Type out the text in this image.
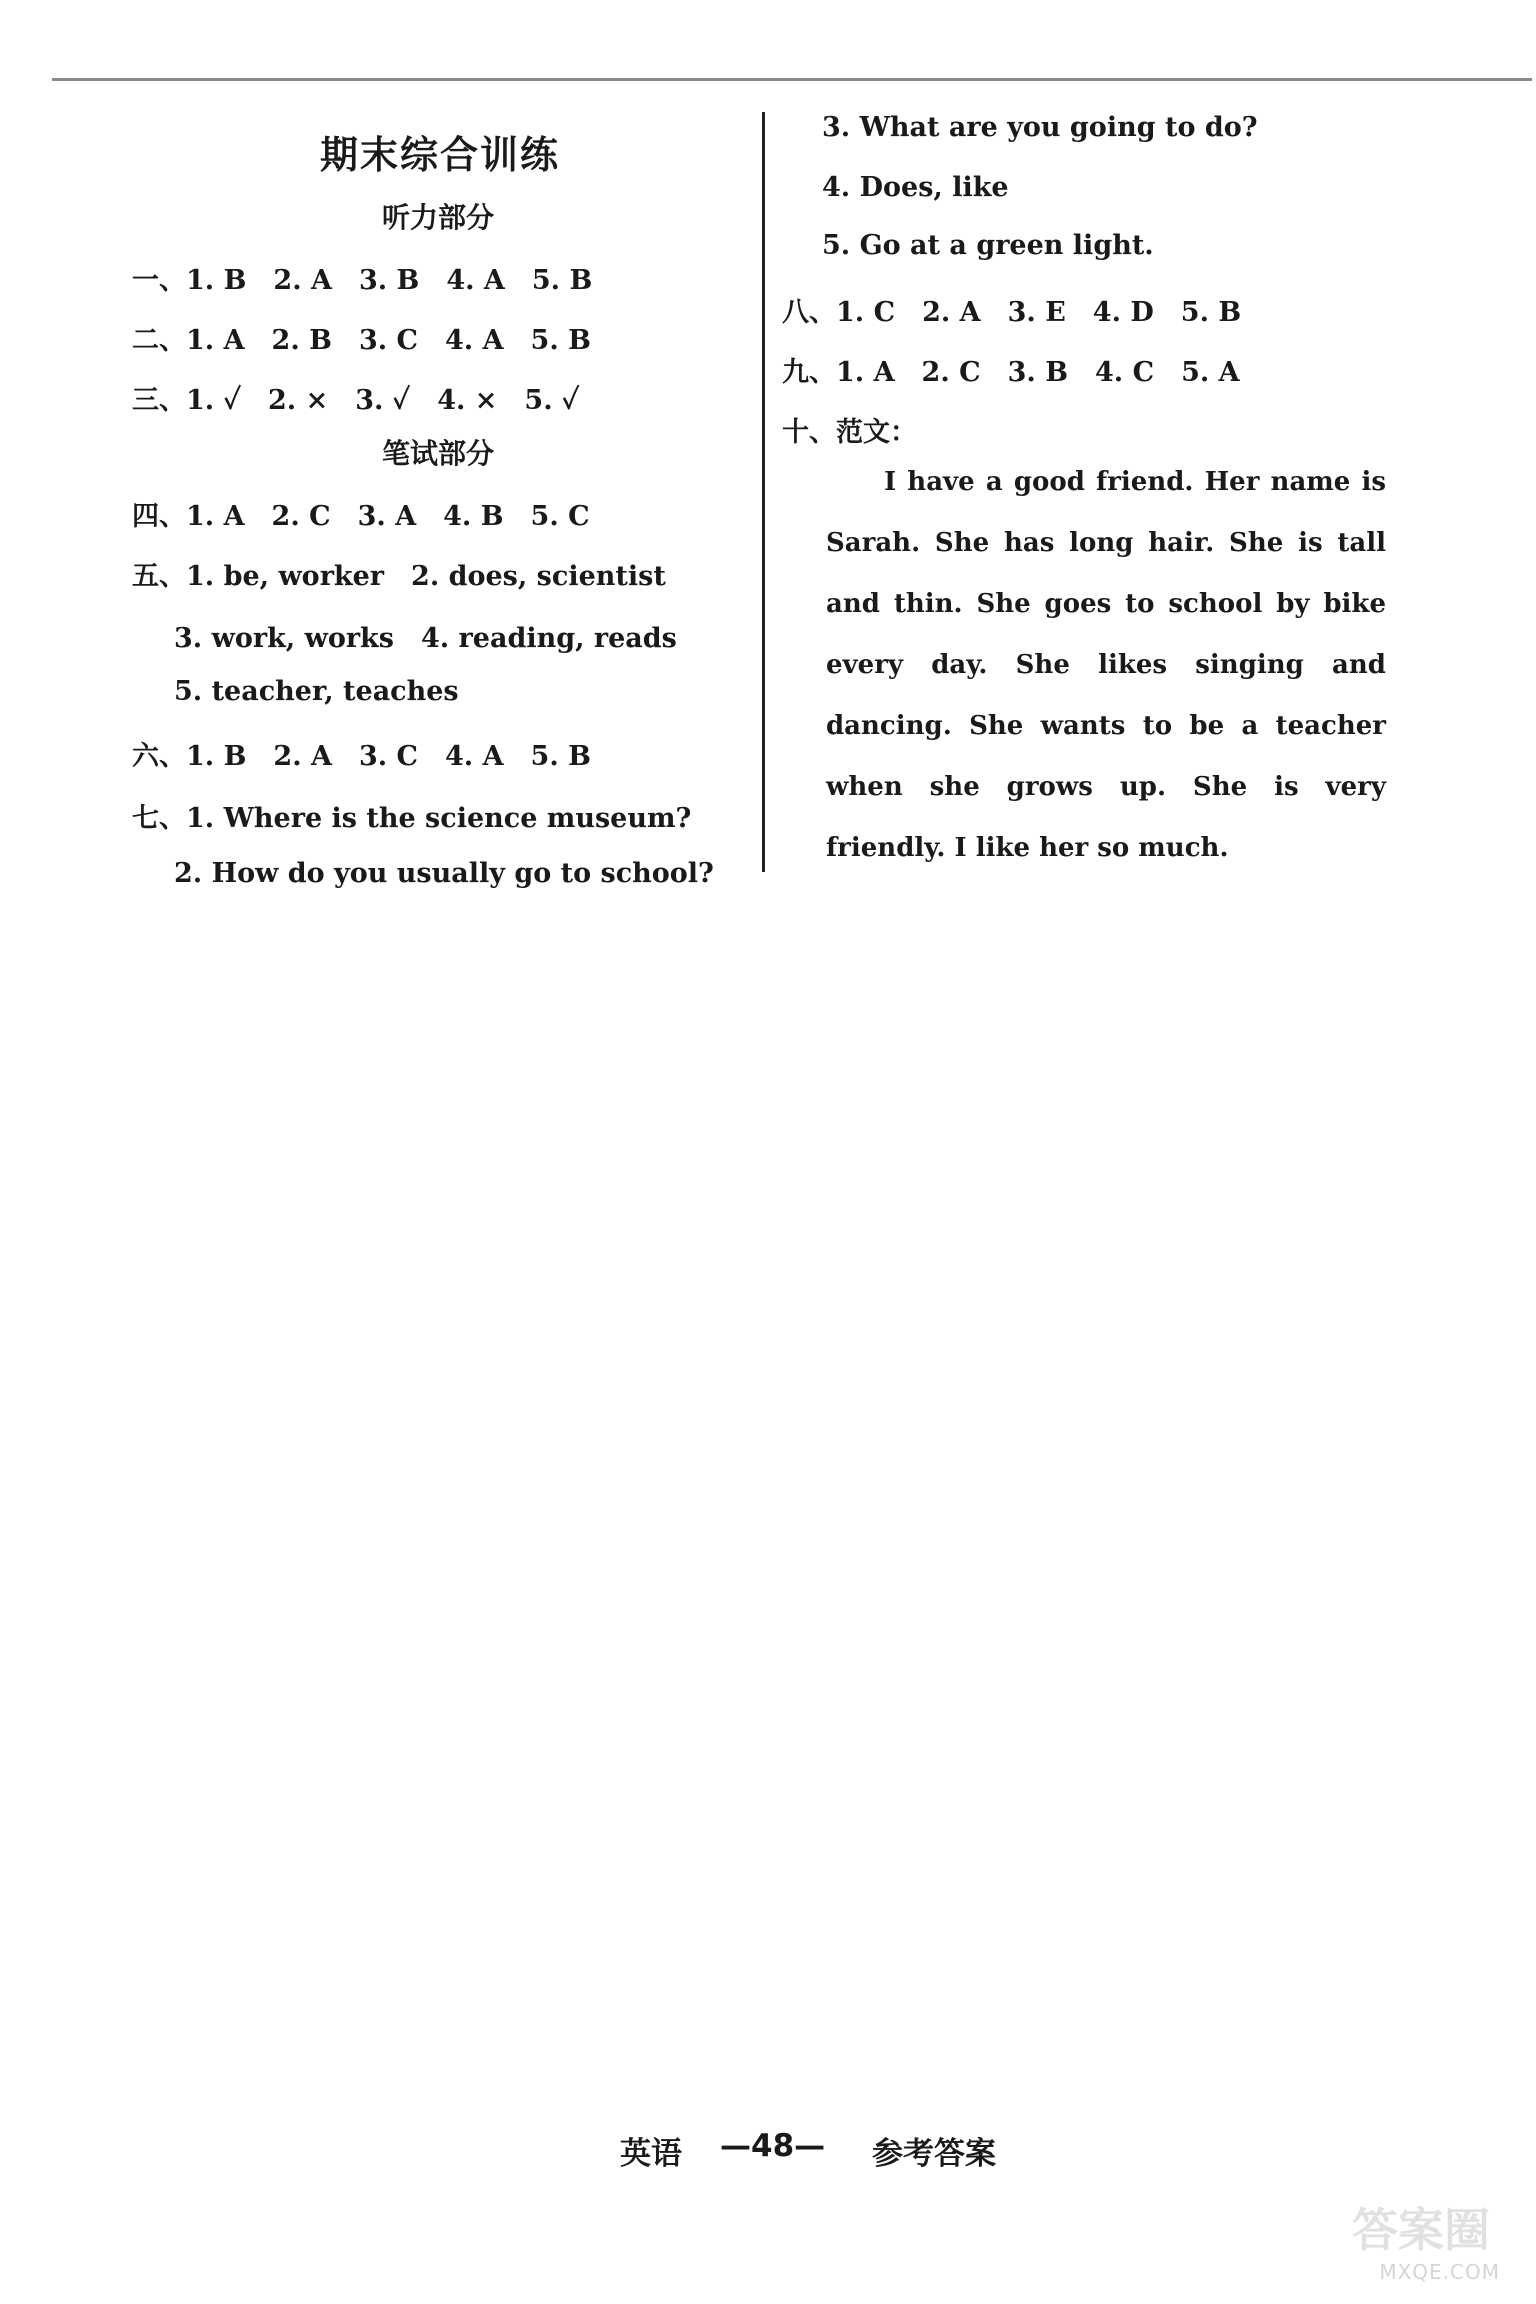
期末综合训练
听力部分
一、1. B　2. A　3. B　4. A　5. B
二、1. A　2. B　3. C　4. A　5. B
三、1. ✓　2. ×　3. ✓　4. ×　5. ✓
笔试部分
四、1. A　2. C　3. A　4. B　5. C
五、1. be, worker　2. does, scientist
3. work, works　4. reading, reads
5. teacher, teaches
六、1. B　2. A　3. C　4. A　5. B
七、1. Where is the science museum?
2. How do you usually go to school?
3. What are you going to do?
4. Does, like
5. Go at a green light.
八、1. C　2. A　3. E　4. D　5. B
九、1. A　2. C　3. B　4. C　5. A
十、范文：
I have a good friend. Her name is Sarah. She has long hair. She is tall and thin. She goes to school by bike every day. She likes singing and dancing. She wants to be a teacher when she grows up. She is very friendly. I like her so much.
英语 —48— 参考答案
答案圈
MXQE.COM
